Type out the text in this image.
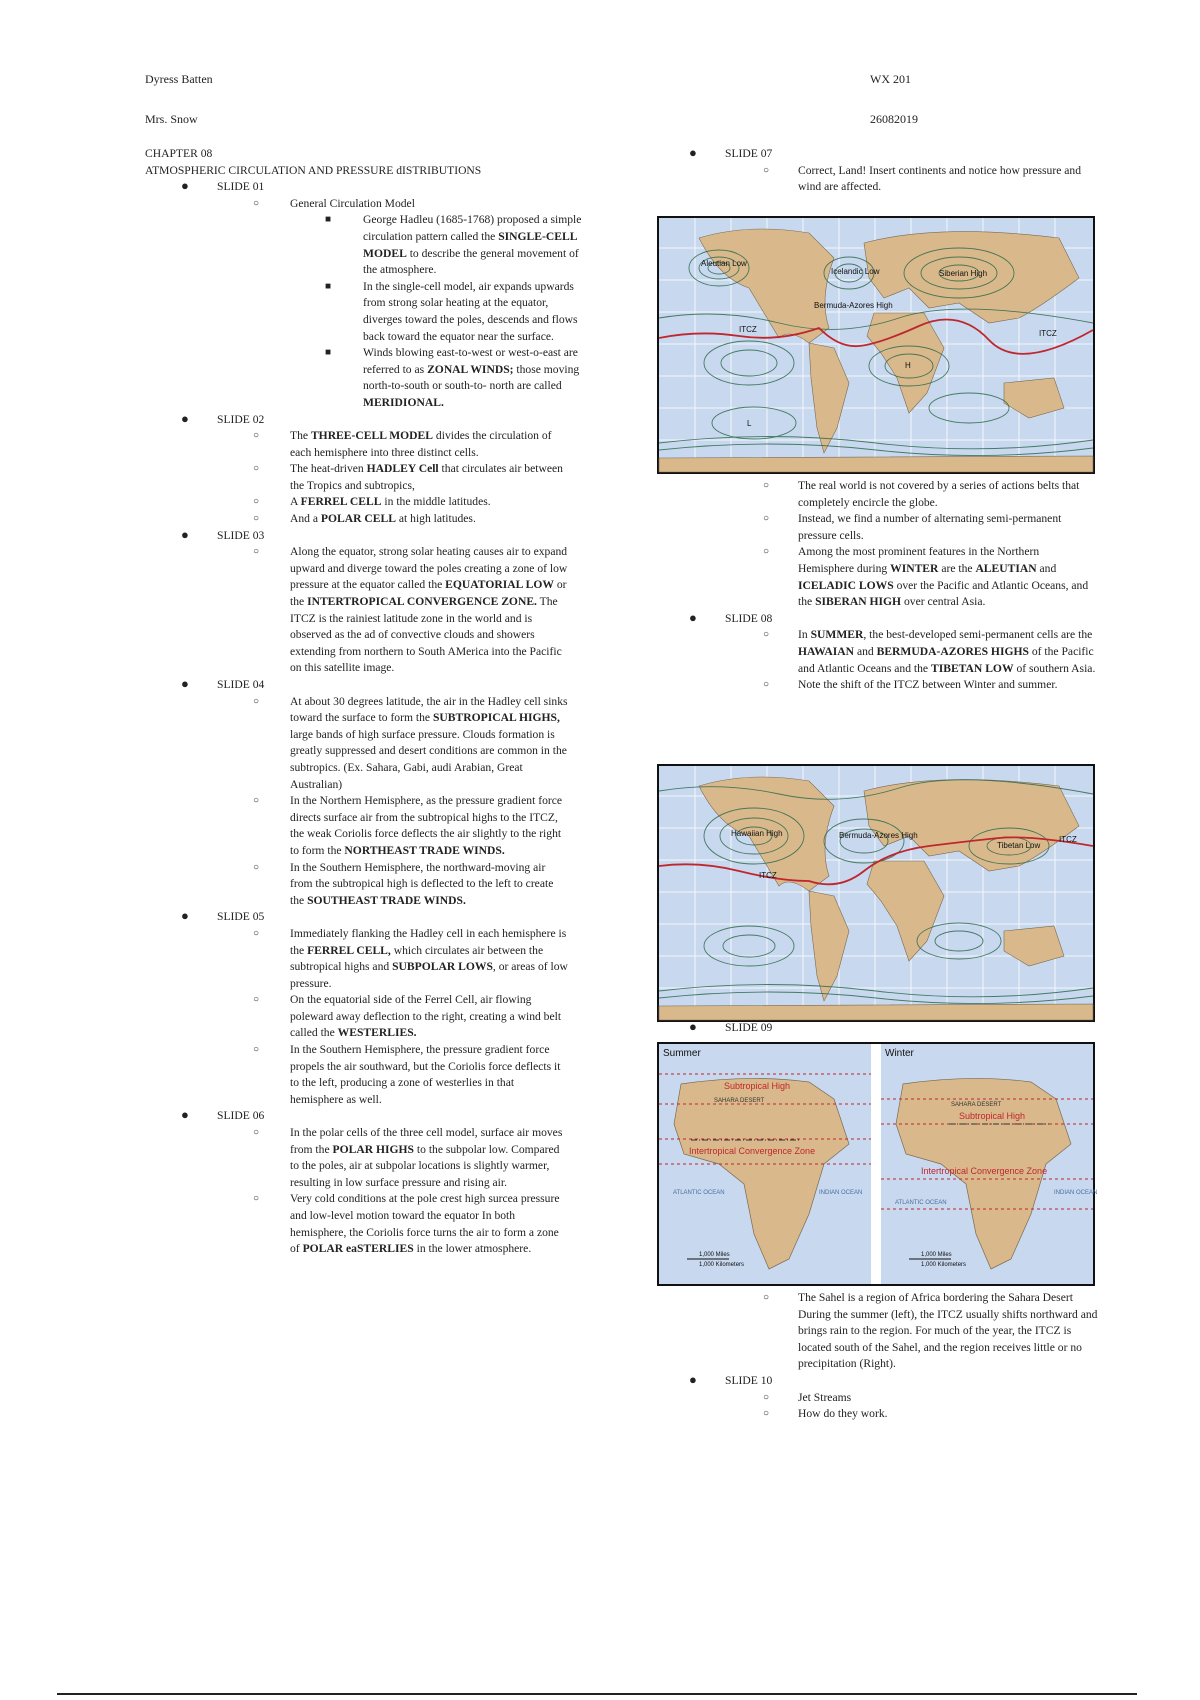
Dyress Batten	WX 201
Mrs. Snow	26082019
CHAPTER 08
ATMOSPHERIC CIRCULATION AND PRESSURE dISTRIBUTIONS
● SLIDE 01
○	General Circulation Model
■	George Hadleu (1685-1768) proposed a simple circulation pattern called the SINGLE-CELL MODEL to describe the general movement of the atmosphere.
■	In the single-cell model, air expands upwards from strong solar heating at the equator, diverges toward the poles, descends and flows back toward the equator near the surface.
■	Winds blowing east-to-west or west-o-east are referred to as ZONAL WINDS; those moving north-to-south or south-to- north are called MERIDIONAL.
● SLIDE 02
○	The THREE-CELL MODEL divides the circulation of each hemisphere into three distinct cells.
○	The heat-driven HADLEY Cell that circulates air between the Tropics and subtropics,
○	A FERREL CELL in the middle latitudes.
○	And a POLAR CELL at high latitudes.
● SLIDE 03
○	Along the equator, strong solar heating causes air to expand upward and diverge toward the poles creating a zone of low pressure at the equator called the EQUATORIAL LOW or the INTERTROPICAL CONVERGENCE ZONE. The ITCZ is the rainiest latitude zone in the world and is observed as the ad of convective clouds and showers extending from northern to South AMerica into the Pacific on this satellite image.
● SLIDE 04
○	At about 30 degrees latitude, the air in the Hadley cell sinks toward the surface to form the SUBTROPICAL HIGHS, large bands of high surface pressure. Clouds formation is greatly suppressed and desert conditions are common in the subtropics. (Ex. Sahara, Gabi, audi Arabian, Great Australian)
○	In the Northern Hemisphere, as the pressure gradient force directs surface air from the subtropical highs to the ITCZ, the weak Coriolis force deflects the air slightly to the right to form the NORTHEAST TRADE WINDS.
○	In the Southern Hemisphere, the northward-moving air from the subtropical high is deflected to the left to create the SOUTHEAST TRADE WINDS.
● SLIDE 05
○	Immediately flanking the Hadley cell in each hemisphere is the FERREL CELL, which circulates air between the subtropical highs and SUBPOLAR LOWS, or areas of low pressure.
○	On the equatorial side of the Ferrel Cell, air flowing poleward away deflection to the right, creating a wind belt called the WESTERLIES.
○	In the Southern Hemisphere, the pressure gradient force propels the air southward, but the Coriolis force deflects it to the left, producing a zone of westerlies in that hemisphere as well.
● SLIDE 06
○	In the polar cells of the three cell model, surface air moves from the POLAR HIGHS to the subpolar low. Compared to the poles, air at subpolar locations is slightly warmer, resulting in low surface pressure and rising air.
○	Very cold conditions at the pole crest high surcea pressure and low-level motion toward the equator In both hemisphere, the Coriolis force turns the air to form a zone of POLAR eaSTERLIES in the lower atmosphere.
● SLIDE 07
○ Correct, Land! Insert continents and notice how pressure and wind are affected.
Aleutian Low
Siberian High
Icelandic Low
Bermuda-Azores High
ITCZ	ITCZ
H
L
○ The real world is not covered by a series of actions belts that completely encircle the globe.
○ Instead, we find a number of alternating semi-permanent pressure cells.
○ Among the most prominent features in the Northern Hemisphere during WINTER are the ALEUTIAN and ICELADIC LOWS over the Pacific and Atlantic Oceans, and the SIBERAN HIGH over central Asia.
● SLIDE 08
○ In SUMMER, the best-developed semi-permanent cells are the HAWAIAN and BERMUDA-AZORES HIGHS of the Pacific and Atlantic Oceans and the TIBETAN LOW of southern Asia.
○ Note the shift of the ITCZ between Winter and summer.
Hawaiian High	Bermuda-Azores High
Tibetan Low
ITCZ
ITCZ
● SLIDE 09
Summer
Subtropical High
SAHARA DESERT
Intertropical Convergence Zone
ATLANTIC OCEAN	INDIAN OCEAN
1,000 Miles
1,000 Kilometers
Winter
SAHARA DESERT
Subtropical High
Intertropical Convergence Zone
ATLANTIC OCEAN
INDIAN OCEAN
1,000 Miles
1,000 Kilometers
○ The Sahel is a region of Africa bordering the Sahara Desert During the summer (left), the ITCZ usually shifts northward and brings rain to the region. For much of the year, the ITCZ is located south of the Sahel, and the region receives little or no precipitation (Right).
● SLIDE 10
○ Jet Streams
○ How do they work.
